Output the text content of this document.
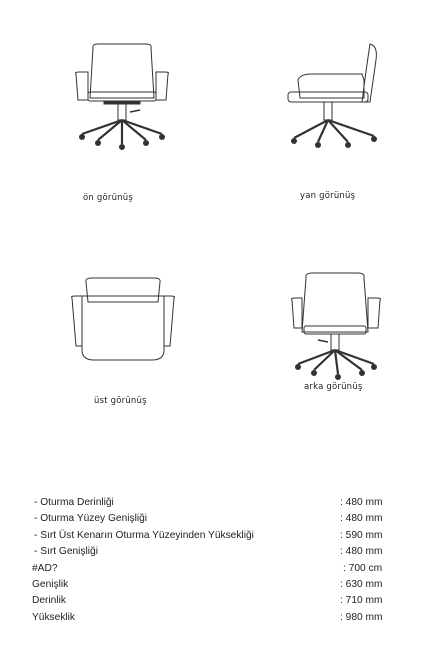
ön görünüş	yan görünüş
üst görünüş
arka görünüş
- Oturma Derinliği	: 480 mm
- Oturma Yüzey Genişliği	: 480 mm
- Sırt Üst Kenarın Oturma Yüzeyinden Yüksekliği	: 590 mm
- Sırt Genişliği	: 480 mm
#AD?	: 700 cm
Genişlik	: 630 mm
Derinlik	: 710 mm
Yükseklik	: 980 mm
